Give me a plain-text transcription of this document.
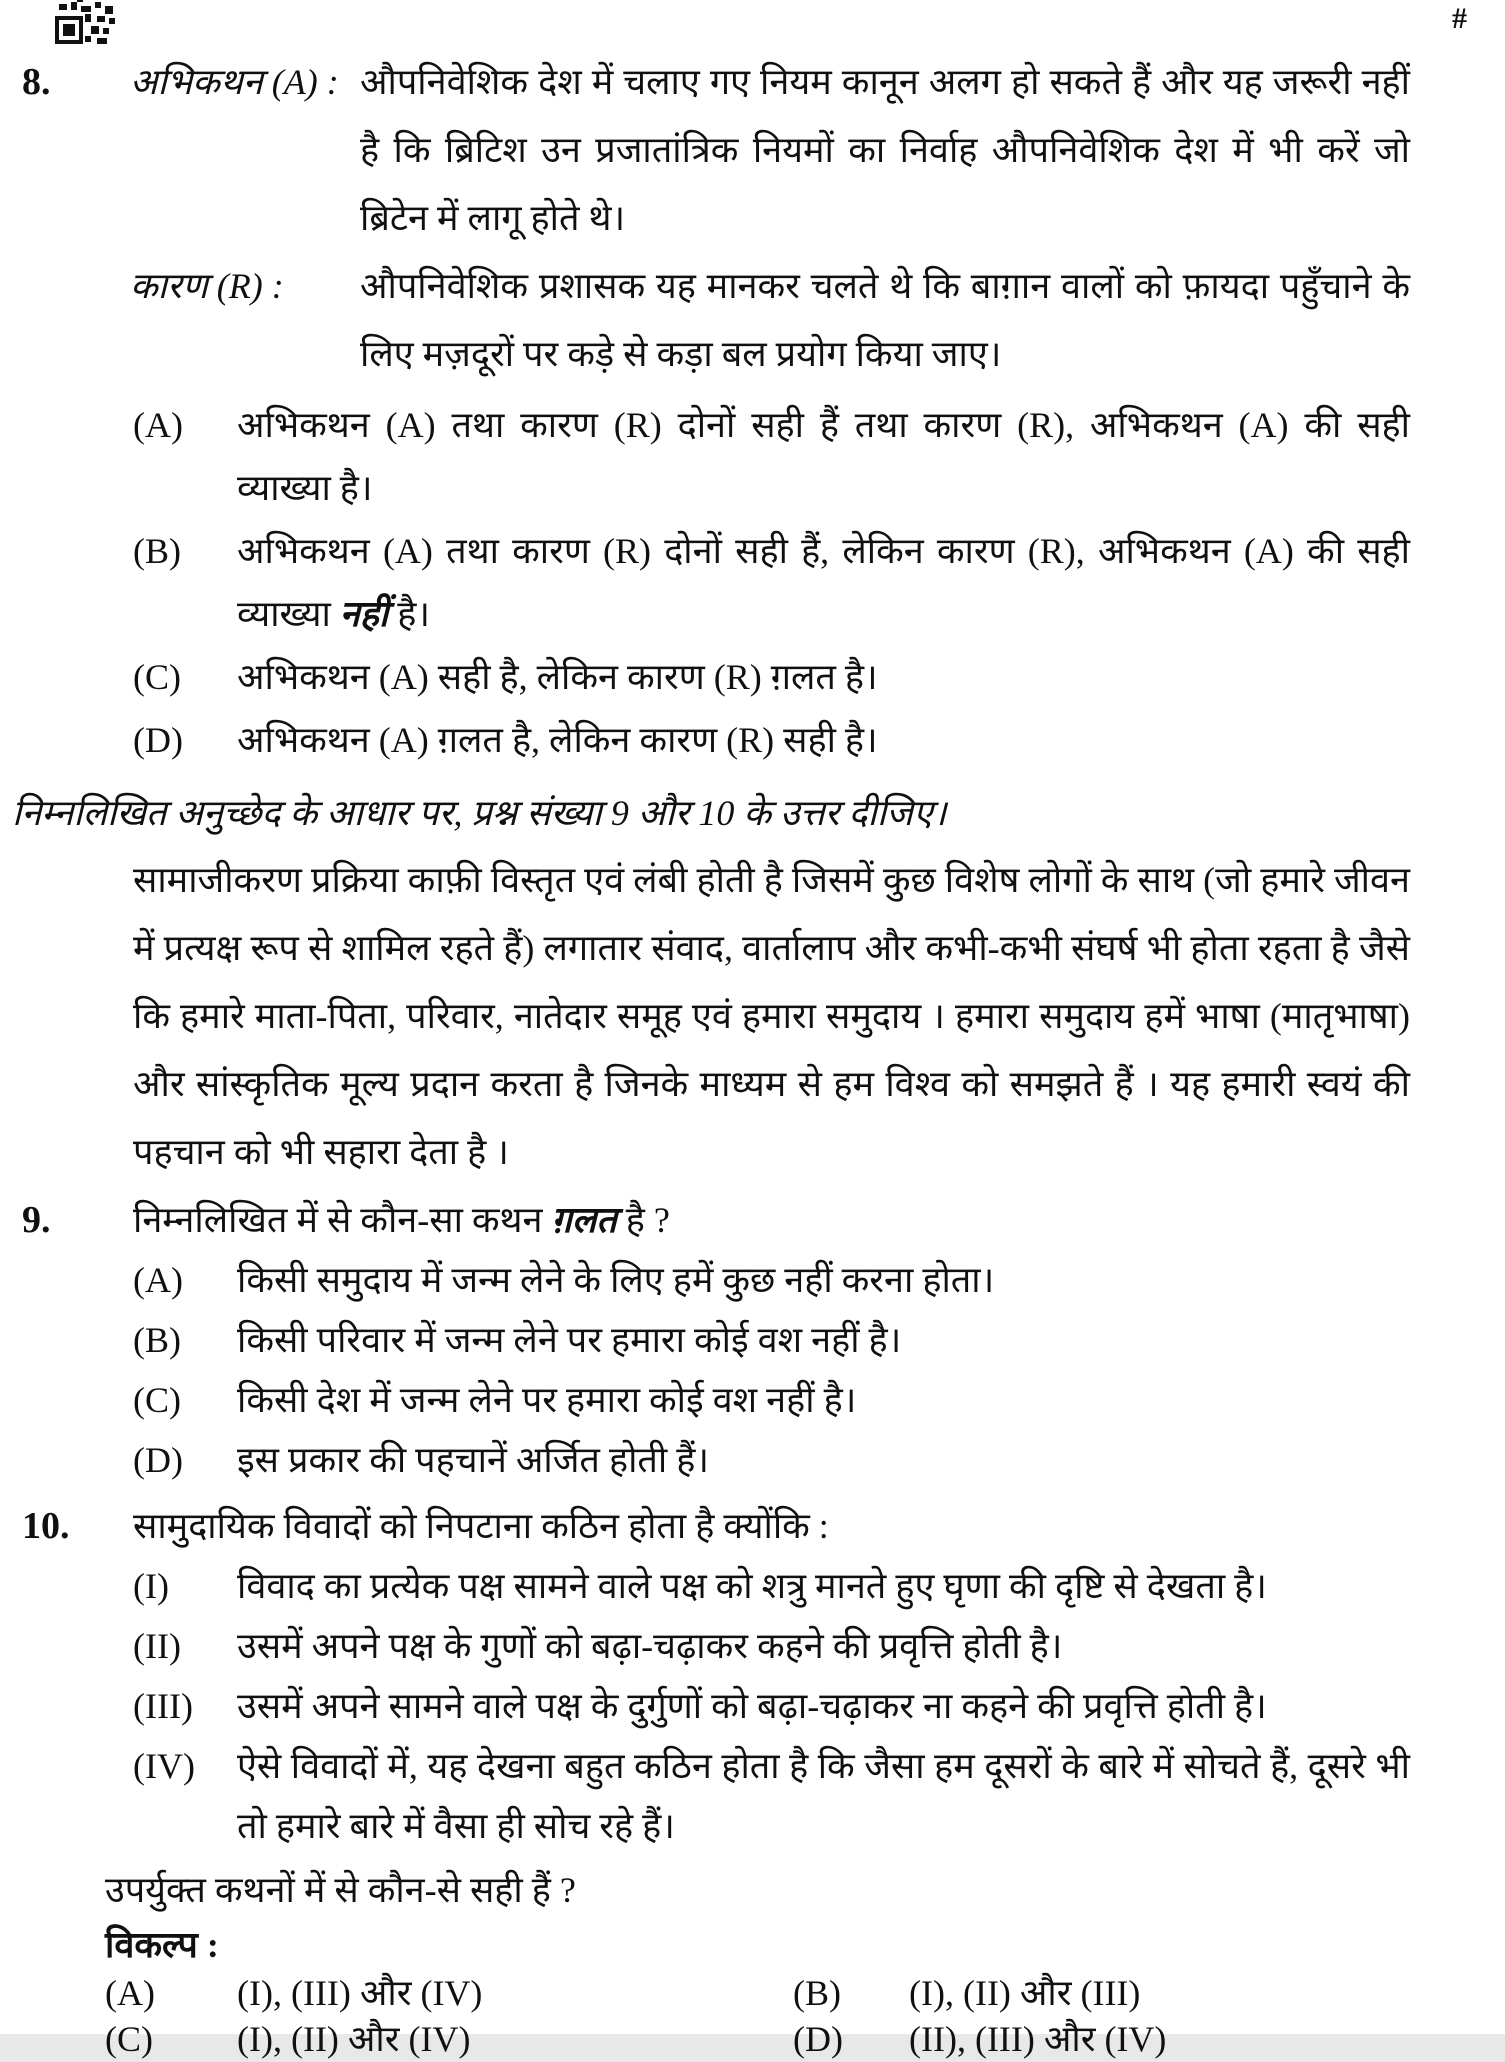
#
8.	अभिकथन (A) : औपनिवेशिक देश में चलाए गए नियम कानून अलग हो सकते हैं और यह जरूरी नहीं है कि ब्रिटिश उन प्रजातांत्रिक नियमों का निर्वाह औपनिवेशिक देश में भी करें जो ब्रिटेन में लागू होते थे।
कारण (R) :	औपनिवेशिक प्रशासक यह मानकर चलते थे कि बाग़ान वालों को फ़ायदा पहुँचाने के लिए मज़दूरों पर कड़े से कड़ा बल प्रयोग किया जाए।
(A)	अभिकथन (A) तथा कारण (R) दोनों सही हैं तथा कारण (R), अभिकथन (A) की सही व्याख्या है।
(B)	अभिकथन (A) तथा कारण (R) दोनों सही हैं, लेकिन कारण (R), अभिकथन (A) की सही व्याख्या नहीं है।
(C)	अभिकथन (A) सही है, लेकिन कारण (R) ग़लत है।
(D)	अभिकथन (A) ग़लत है, लेकिन कारण (R) सही है।
निम्नलिखित अनुच्छेद के आधार पर, प्रश्न संख्या 9 और 10 के उत्तर दीजिए।
सामाजीकरण प्रक्रिया काफ़ी विस्तृत एवं लंबी होती है जिसमें कुछ विशेष लोगों के साथ (जो हमारे जीवन में प्रत्यक्ष रूप से शामिल रहते हैं) लगातार संवाद, वार्तालाप और कभी-कभी संघर्ष भी होता रहता है जैसे कि हमारे माता-पिता, परिवार, नातेदार समूह एवं हमारा समुदाय । हमारा समुदाय हमें भाषा (मातृभाषा) और सांस्कृतिक मूल्य प्रदान करता है जिनके माध्यम से हम विश्व को समझते हैं । यह हमारी स्वयं की पहचान को भी सहारा देता है ।
9.	निम्नलिखित में से कौन-सा कथन ग़लत है ?
(A)	किसी समुदाय में जन्म लेने के लिए हमें कुछ नहीं करना होता।
(B)	किसी परिवार में जन्म लेने पर हमारा कोई वश नहीं है।
(C)	किसी देश में जन्म लेने पर हमारा कोई वश नहीं है।
(D)	इस प्रकार की पहचानें अर्जित होती हैं।
10.	सामुदायिक विवादों को निपटाना कठिन होता है क्योंकि :
(I)	विवाद का प्रत्येक पक्ष सामने वाले पक्ष को शत्रु मानते हुए घृणा की दृष्टि से देखता है।
(II)	उसमें अपने पक्ष के गुणों को बढ़ा-चढ़ाकर कहने की प्रवृत्ति होती है।
(III)	उसमें अपने सामने वाले पक्ष के दुर्गुणों को बढ़ा-चढ़ाकर ना कहने की प्रवृत्ति होती है।
(IV)	ऐसे विवादों में, यह देखना बहुत कठिन होता है कि जैसा हम दूसरों के बारे में सोचते हैं, दूसरे भी तो हमारे बारे में वैसा ही सोच रहे हैं।
उपर्युक्त कथनों में से कौन-से सही हैं ?
विकल्प :
(A)	(I), (III) और (IV)	(B)	(I), (II) और (III)
(C)	(I), (II) और (IV)	(D)	(II), (III) और (IV)
